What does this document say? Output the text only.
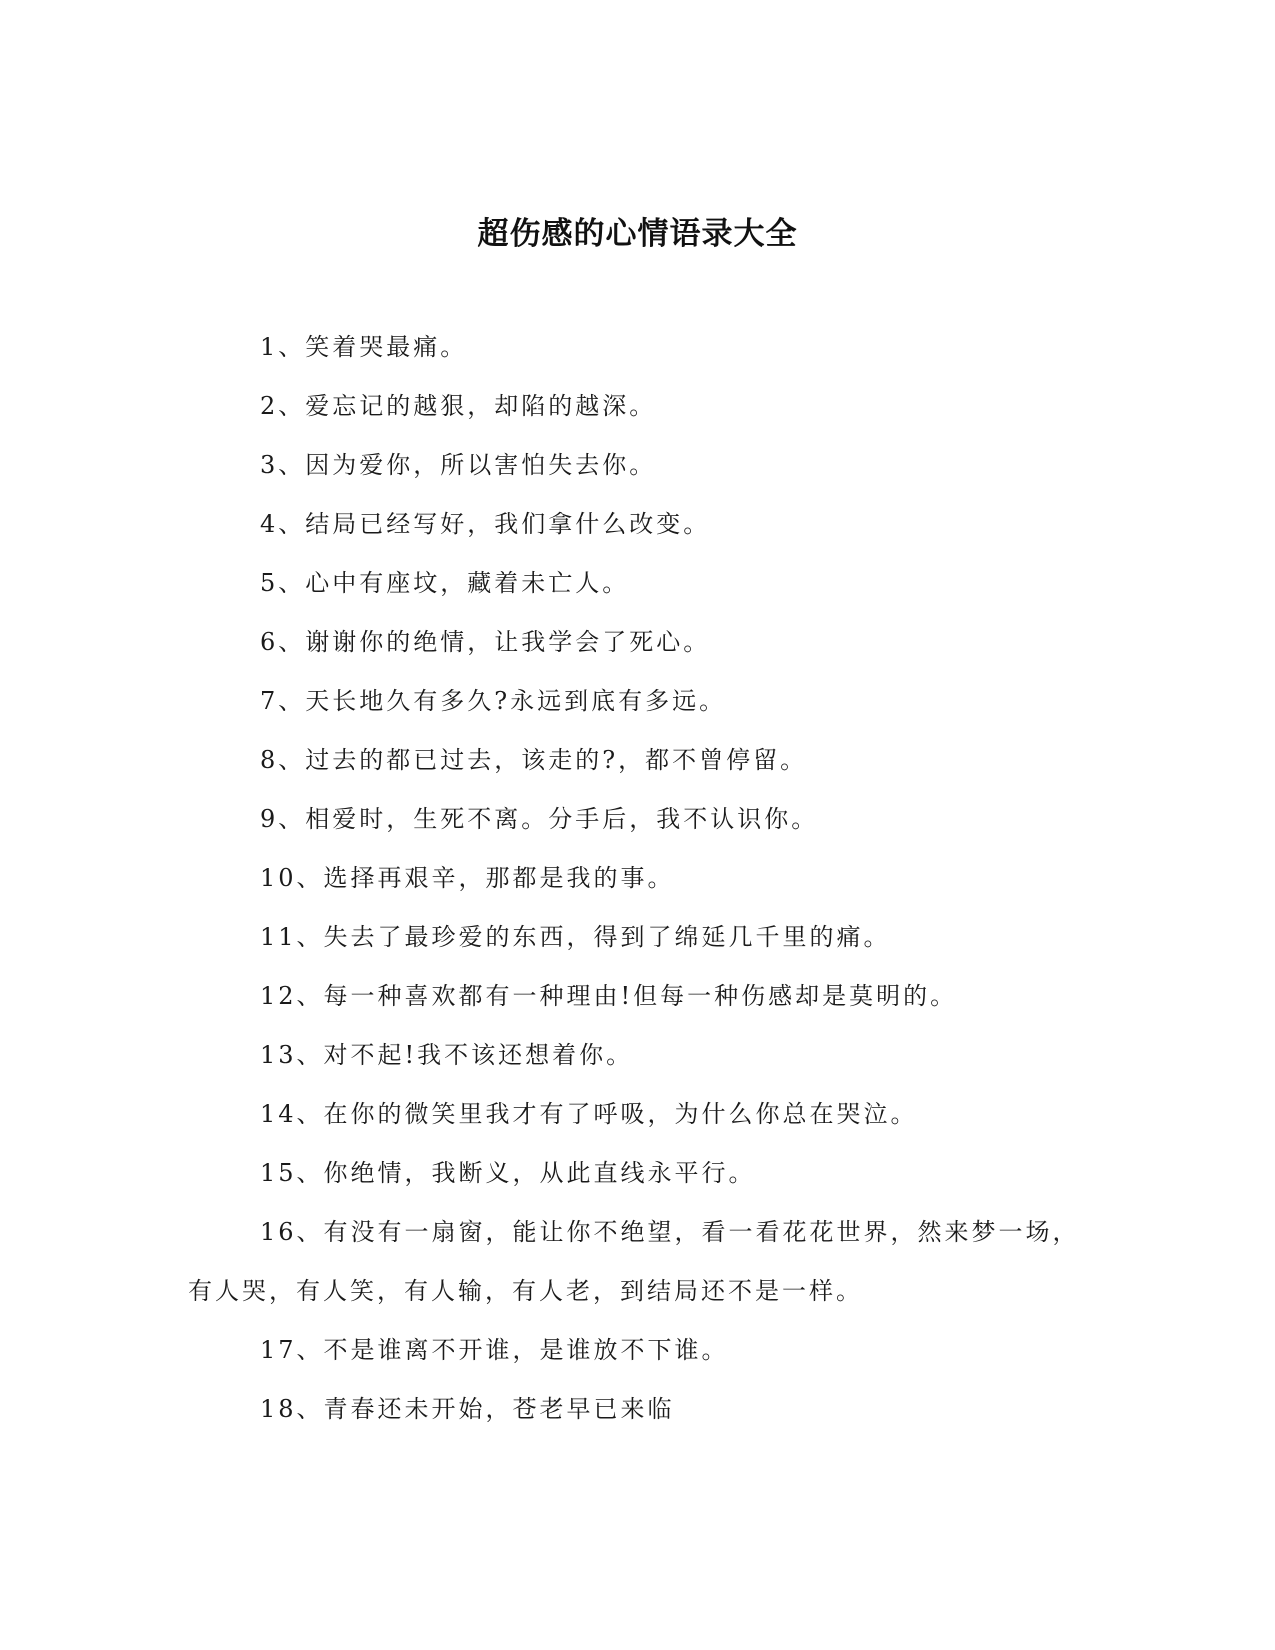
超伤感的心情语录大全
1、笑着哭最痛。
2、爱忘记的越狠，却陷的越深。
3、因为爱你，所以害怕失去你。
4、结局已经写好，我们拿什么改变。
5、心中有座坟，藏着未亡人。
6、谢谢你的绝情，让我学会了死心。
7、天长地久有多久?永远到底有多远。
8、过去的都已过去，该走的?，都不曾停留。
9、相爱时，生死不离。分手后，我不认识你。
10、选择再艰辛，那都是我的事。
11、失去了最珍爱的东西，得到了绵延几千里的痛。
12、每一种喜欢都有一种理由!但每一种伤感却是莫明的。
13、对不起!我不该还想着你。
14、在你的微笑里我才有了呼吸，为什么你总在哭泣。
15、你绝情，我断义，从此直线永平行。
16、有没有一扇窗，能让你不绝望，看一看花花世界，然来梦一场，有人哭，有人笑，有人输，有人老，到结局还不是一样。
17、不是谁离不开谁，是谁放不下谁。
18、青春还未开始，苍老早已来临
